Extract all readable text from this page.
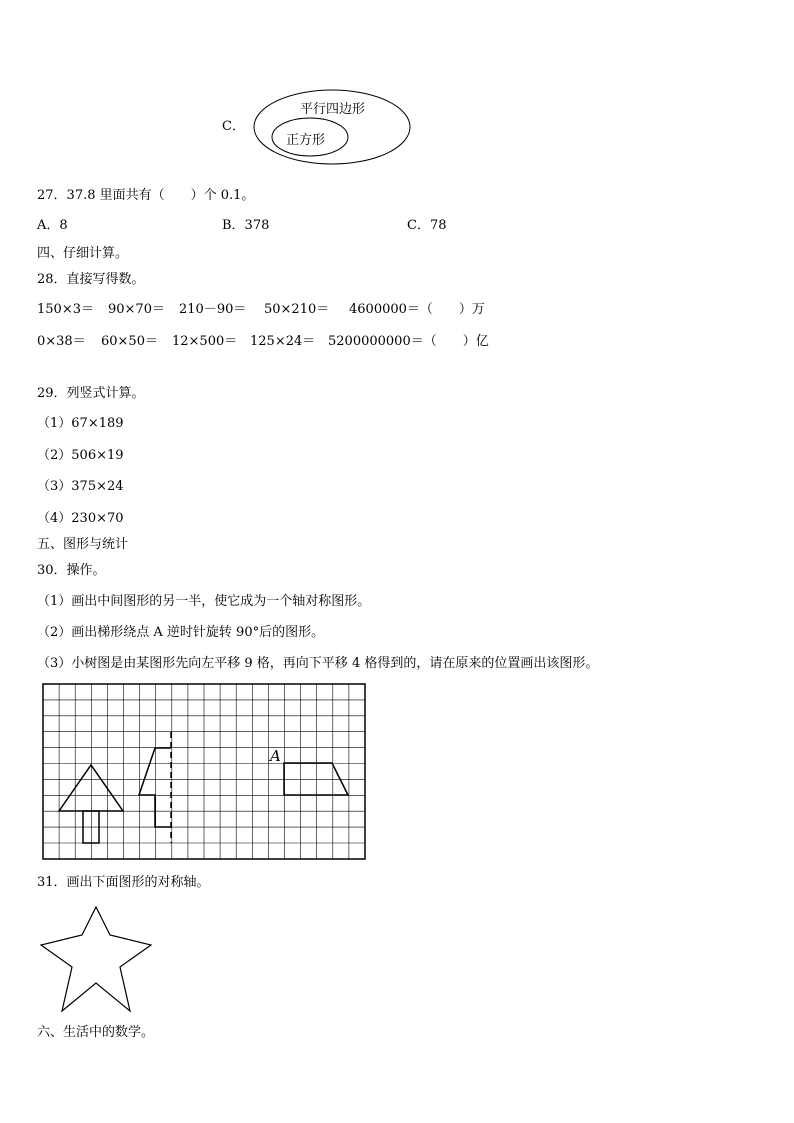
C．
平行四边形
正方形
27．37.8 里面共有（　　）个 0.1。
A．8	B．378	C．78
四、仔细计算。
28．直接写得数。
150×3＝ 90×70＝ 210－90＝ 50×210＝ 4600000＝（　　）万
0×38＝ 60×50＝ 12×500＝ 125×24＝ 5200000000＝（　　）亿
29．列竖式计算。
（1）67×189
（2）506×19
（3）375×24
（4）230×70
五、图形与统计
30．操作。
（1）画出中间图形的另一半，使它成为一个轴对称图形。
（2）画出梯形绕点 A 逆时针旋转 90°后的图形。
（3）小树图是由某图形先向左平移 9 格，再向下平移 4 格得到的，请在原来的位置画出该图形。
A
31．画出下面图形的对称轴。
六、生活中的数学。
